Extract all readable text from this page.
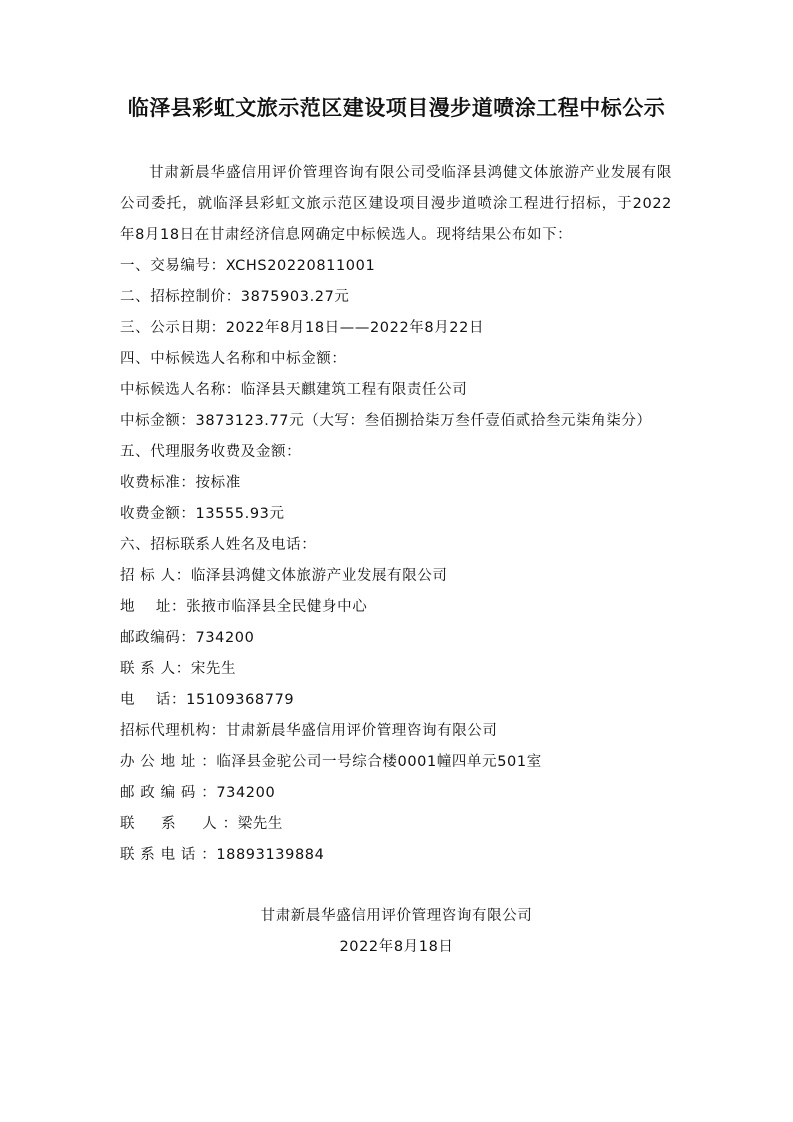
临泽县彩虹文旅示范区建设项目漫步道喷涂工程中标公示

甘肃新晨华盛信用评价管理咨询有限公司受临泽县鸿健文体旅游产业发展有限公司委托，就临泽县彩虹文旅示范区建设项目漫步道喷涂工程进行招标，于2022年8月18日在甘肃经济信息网确定中标候选人。现将结果公布如下：

一、交易编号：XCHS20220811001
二、招标控制价：3875903.27元
三、公示日期：2022年8月18日——2022年8月22日
四、中标候选人名称和中标金额：
中标候选人名称：临泽县天麒建筑工程有限责任公司
中标金额：3873123.77元（大写：叁佰捌拾柒万叁仟壹佰贰拾叁元柒角柒分）
五、代理服务收费及金额：
收费标准：按标准
收费金额：13555.93元
六、招标联系人姓名及电话：
招 标 人：临泽县鸿健文体旅游产业发展有限公司
地    址：张掖市临泽县全民健身中心
邮政编码：734200
联 系 人：宋先生
电    话：15109368779
招标代理机构：甘肃新晨华盛信用评价管理咨询有限公司
办 公 地 址 ：临泽县金驼公司一号综合楼0001幢四单元501室
邮 政 编 码 ：734200
联     系     人 ：梁先生
联 系 电 话 ：18893139884
甘肃新晨华盛信用评价管理咨询有限公司
2022年8月18日
